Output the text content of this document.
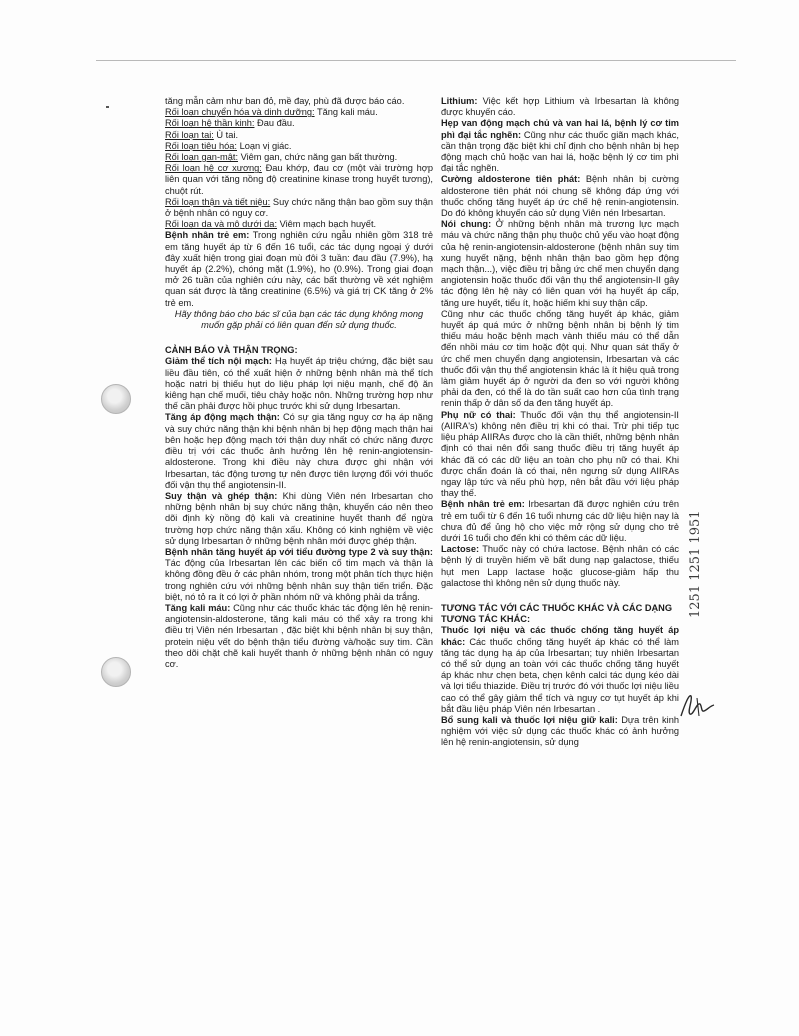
tăng mẫn cảm như ban đỏ, mề đay, phù đã được báo cáo.

Rối loạn chuyển hóa và dinh dưỡng: Tăng kali máu.

Rối loạn hệ thần kinh: Đau đầu.

Rối loạn tai: Ù tai.

Rối loạn tiêu hóa: Loạn vị giác.

Rối loạn gan-mật: Viêm gan, chức năng gan bất thường.

Rối loạn hệ cơ xương: Đau khớp, đau cơ (một vài trường hợp liên quan với tăng nồng độ creatinine kinase trong huyết tương), chuột rút.

Rối loạn thận và tiết niệu: Suy chức năng thận bao gồm suy thận ở bệnh nhân có nguy cơ.

Rối loạn da và mô dưới da: Viêm mạch bạch huyết.

Bệnh nhân trẻ em: Trong nghiên cứu ngẫu nhiên gồm 318 trẻ em tăng huyết áp từ 6 đến 16 tuổi, các tác dụng ngoại ý dưới đây xuất hiện trong giai đoạn mù đôi 3 tuần: đau đầu (7.9%), hạ huyết áp (2.2%), chóng mặt (1.9%), ho (0.9%). Trong giai đoạn mở 26 tuần của nghiên cứu này, các bất thường về xét nghiệm quan sát được là tăng creatinine (6.5%) và giá trị CK tăng ở 2% trẻ em.

Hãy thông báo cho bác sĩ của bạn các tác dụng không mong muốn gặp phải có liên quan đến sử dụng thuốc.

CẢNH BÁO VÀ THẬN TRỌNG:

Giảm thể tích nội mạch: Hạ huyết áp triệu chứng, đặc biệt sau liều đầu tiên, có thể xuất hiện ở những bệnh nhân mà thể tích hoặc natri bị thiếu hụt do liệu pháp lợi niệu mạnh, chế độ ăn kiêng hạn chế muối, tiêu chảy hoặc nôn. Những trường hợp như thế cần phải được hồi phục trước khi sử dụng Irbesartan.

Tăng áp động mạch thận: Có sự gia tăng nguy cơ hạ áp nặng và suy chức năng thận khi bệnh nhân bị hẹp động mạch thận hai bên hoặc hẹp động mạch tới thận duy nhất có chức năng được điều trị với các thuốc ảnh hưởng lên hệ renin-angiotensin-aldosterone. Trong khi điều này chưa được ghi nhận với Irbesartan, tác động tương tự nên được tiên lượng đối với thuốc đối vận thụ thể angiotensin-II.

Suy thận và ghép thận: Khi dùng Viên nén Irbesartan cho những bệnh nhân bị suy chức năng thận, khuyến cáo nên theo dõi định kỳ nồng độ kali và creatinine huyết thanh để ngừa trường hợp chức năng thận xấu. Không có kinh nghiệm về việc sử dụng Irbesartan ở những bệnh nhân mới được ghép thận.

Bệnh nhân tăng huyết áp với tiểu đường type 2 và suy thận: Tác động của Irbesartan lên các biến cố tim mạch và thận là không đồng đều ở các phân nhóm, trong một phân tích thực hiện trong nghiên cứu với những bệnh nhân suy thận tiến triển. Đặc biệt, nó tỏ ra ít có lợi ở phần nhóm nữ và không phải da trắng.

Tăng kali máu: Cũng như các thuốc khác tác động lên hệ renin-angiotensin-aldosterone, tăng kali máu có thể xảy ra trong khi điều trị Viên nén Irbesartan , đặc biệt khi bệnh nhân bị suy thận, protein niệu vết do bệnh thận tiểu đường và/hoặc suy tim. Cần theo dõi chặt chẽ kali huyết thanh ở những bệnh nhân có nguy cơ.

Lithium: Việc kết hợp Lithium và Irbesartan là không được khuyến cáo.

Hẹp van động mạch chủ và van hai lá, bệnh lý cơ tim phì đại tắc nghẽn: Cũng như các thuốc giãn mạch khác, cần thận trọng đặc biệt khi chỉ định cho bệnh nhân bị hẹp động mạch chủ hoặc van hai lá, hoặc bệnh lý cơ tim phì đại tắc nghẽn.

Cường aldosterone tiên phát: Bệnh nhân bị cường aldosterone tiên phát nói chung sẽ không đáp ứng với thuốc chống tăng huyết áp ức chế hệ renin-angiotensin. Do đó không khuyến cáo sử dụng Viên nén Irbesartan.

Nói chung: Ở những bệnh nhân mà trương lực mạch máu và chức năng thận phụ thuộc chủ yếu vào hoạt động của hệ renin-angiotensin-aldosterone (bệnh nhân suy tim xung huyết nặng, bệnh nhân thận bao gồm hẹp động mạch thận...), việc điều trị bằng ức chế men chuyển dạng angiotensin hoặc thuốc đối vận thụ thể angiotensin-II gây tác động lên hệ này có liên quan với hạ huyết áp cấp, tăng ure huyết, tiểu ít, hoặc hiếm khi suy thận cấp.

Cũng như các thuốc chống tăng huyết áp khác, giảm huyết áp quá mức ở những bệnh nhân bị bệnh lý tim thiếu máu hoặc bệnh mạch vành thiếu máu có thể dẫn đến nhồi máu cơ tim hoặc đột quị. Như quan sát thấy ở ức chế men chuyển dạng angiotensin, Irbesartan và các thuốc đối vận thụ thể angiotensin khác là ít hiệu quả trong làm giảm huyết áp ở người da đen so với người không phải da đen, có thể là do tần suất cao hơn của tình trạng renin thấp ở dân số da đen tăng huyết áp.

Phụ nữ có thai: Thuốc đối vận thụ thể angiotensin-II (AIIRA's) không nên điều trị khi có thai. Trừ phi tiếp tục liệu pháp AIIRAs được cho là cần thiết, những bệnh nhân định có thai nên đổi sang thuốc điều trị tăng huyết áp khác đã có các dữ liệu an toàn cho phụ nữ có thai. Khi được chẩn đoán là có thai, nên ngưng sử dụng AIIRAs ngay lập tức và nếu phù hợp, nên bắt đầu với liệu pháp thay thế.

Bệnh nhân trẻ em: Irbesartan đã được nghiên cứu trên trẻ em tuổi từ 6 đến 16 tuổi nhưng các dữ liệu hiện nay là chưa đủ để ủng hộ cho việc mở rộng sử dụng cho trẻ dưới 16 tuổi cho đến khi có thêm các dữ liệu.

Lactose: Thuốc này có chứa lactose. Bệnh nhân có các bệnh lý di truyền hiếm về bất dung nạp galactose, thiếu hụt men Lapp lactase hoặc glucose-giảm hấp thu galactose thì không nên sử dụng thuốc này.

TƯƠNG TÁC VỚI CÁC THUỐC KHÁC VÀ CÁC DẠNG TƯƠNG TÁC KHÁC:

Thuốc lợi niệu và các thuốc chống tăng huyết áp khác: Các thuốc chống tăng huyết áp khác có thể làm tăng tác dụng hạ áp của Irbesartan; tuy nhiên Irbesartan có thể sử dụng an toàn với các thuốc chống tăng huyết áp khác như chẹn beta, chẹn kênh calci tác dụng kéo dài và lợi tiểu thiazide. Điều trị trước đó với thuốc lợi niệu liều cao có thể gây giảm thể tích và nguy cơ tụt huyết áp khi bắt đầu liệu pháp Viên nén Irbesartan .

Bổ sung kali và thuốc lợi niệu giữ kali: Dựa trên kinh nghiệm với việc sử dụng các thuốc khác có ảnh hưởng lên hệ renin-angiotensin, sử dụng

1251 1251 1951
